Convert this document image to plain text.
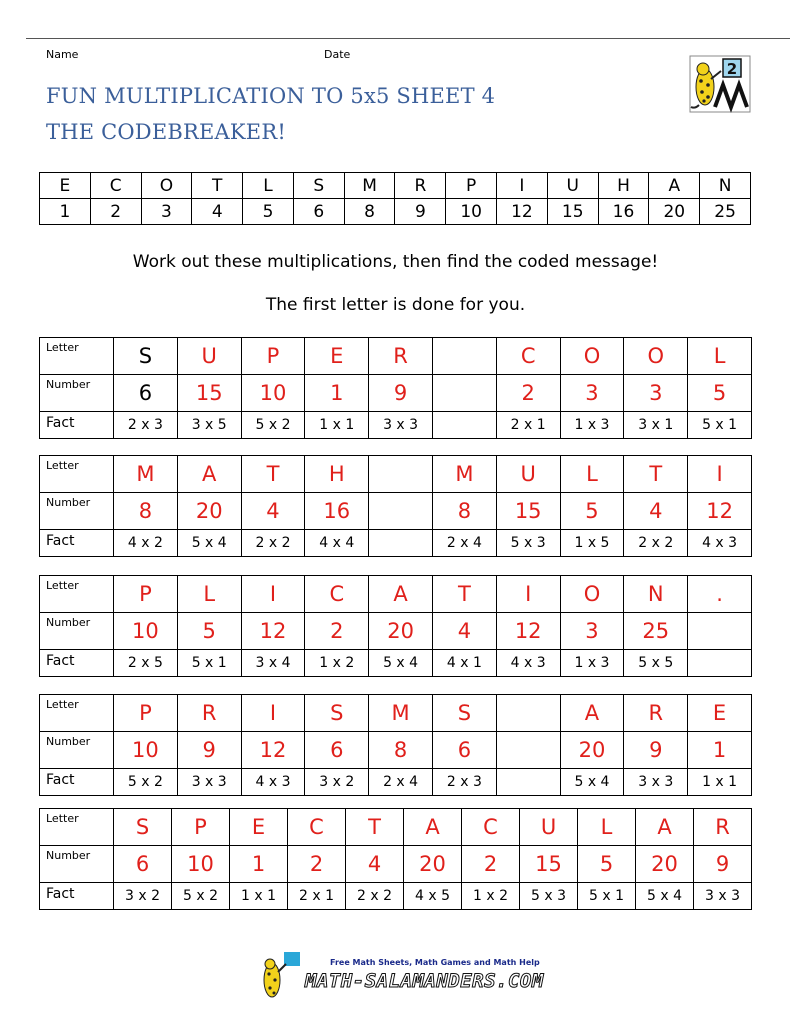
Name	Date
FUN MULTIPLICATION TO 5x5 SHEET 4
THE CODEBREAKER!
2
E	C	O	T	L	S	M	R	P	I	U	H	A	N
1	2	3	4	5	6	8	9	10	12	15	16	20	25
Work out these multiplications, then find the coded message!
The first letter is done for you.
Letter	S	U	P	E	R		C	O	O	L
Number	6	15	10	1	9		2	3	3	5
Fact	2 x 3	3 x 5	5 x 2	1 x 1	3 x 3		2 x 1	1 x 3	3 x 1	5 x 1
Letter	M	A	T	H		M	U	L	T	I
Number	8	20	4	16		8	15	5	4	12
Fact	4 x 2	5 x 4	2 x 2	4 x 4		2 x 4	5 x 3	1 x 5	2 x 2	4 x 3
Letter	P	L	I	C	A	T	I	O	N	.
Number	10	5	12	2	20	4	12	3	25	
Fact	2 x 5	5 x 1	3 x 4	1 x 2	5 x 4	4 x 1	4 x 3	1 x 3	5 x 5	
Letter	P	R	I	S	M	S		A	R	E
Number	10	9	12	6	8	6		20	9	1
Fact	5 x 2	3 x 3	4 x 3	3 x 2	2 x 4	2 x 3		5 x 4	3 x 3	1 x 1
Letter	S	P	E	C	T	A	C	U	L	A	R
Number	6	10	1	2	4	20	2	15	5	20	9
Fact	3 x 2	5 x 2	1 x 1	2 x 1	2 x 2	4 x 5	1 x 2	5 x 3	5 x 1	5 x 4	3 x 3
Free Math Sheets, Math Games and Math Help
MATH-SALAMANDERS.COM
